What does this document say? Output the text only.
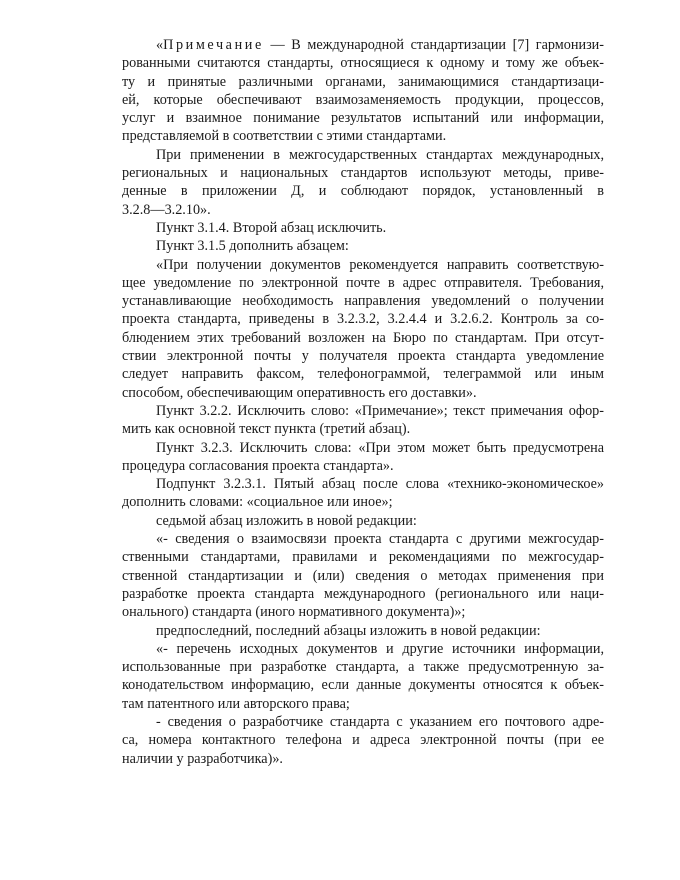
«Примечание — В международной стандартизации [7] гармонизи-
рованными считаются стандарты, относящиеся к одному и тому же объек-
ту и принятые различными органами, занимающимися стандартизаци-
ей, которые обеспечивают взаимозаменяемость продукции, процессов,
услуг и взаимное понимание результатов испытаний или информации,
представляемой в соответствии с этими стандартами.
При применении в межгосударственных стандартах международных,
региональных и национальных стандартов используют методы, приве-
денные в приложении Д, и соблюдают порядок, установленный в
3.2.8—3.2.10».
Пункт 3.1.4. Второй абзац исключить.
Пункт 3.1.5 дополнить абзацем:
«При получении документов рекомендуется направить соответствую-
щее уведомление по электронной почте в адрес отправителя. Требования,
устанавливающие необходимость направления уведомлений о получении
проекта стандарта, приведены в 3.2.3.2, 3.2.4.4 и 3.2.6.2. Контроль за со-
блюдением этих требований возложен на Бюро по стандартам. При отсут-
ствии электронной почты у получателя проекта стандарта уведомление
следует направить факсом, телефонограммой, телеграммой или иным
способом, обеспечивающим оперативность его доставки».
Пункт 3.2.2. Исключить слово: «Примечание»; текст примечания офор-
мить как основной текст пункта (третий абзац).
Пункт 3.2.3. Исключить слова: «При этом может быть предусмотрена
процедура согласования проекта стандарта».
Подпункт 3.2.3.1. Пятый абзац после слова «технико-экономическое»
дополнить словами: «социальное или иное»;
седьмой абзац изложить в новой редакции:
«- сведения о взаимосвязи проекта стандарта с другими межгосудар-
ственными стандартами, правилами и рекомендациями по межгосудар-
ственной стандартизации и (или) сведения о методах применения при
разработке проекта стандарта международного (регионального или наци-
онального) стандарта (иного нормативного документа)»;
предпоследний, последний абзацы изложить в новой редакции:
«- перечень исходных документов и другие источники информации,
использованные при разработке стандарта, а также предусмотренную за-
конодательством информацию, если данные документы относятся к объек-
там патентного или авторского права;
- сведения о разработчике стандарта с указанием его почтового адре-
са, номера контактного телефона и адреса электронной почты (при ее
наличии у разработчика)».
